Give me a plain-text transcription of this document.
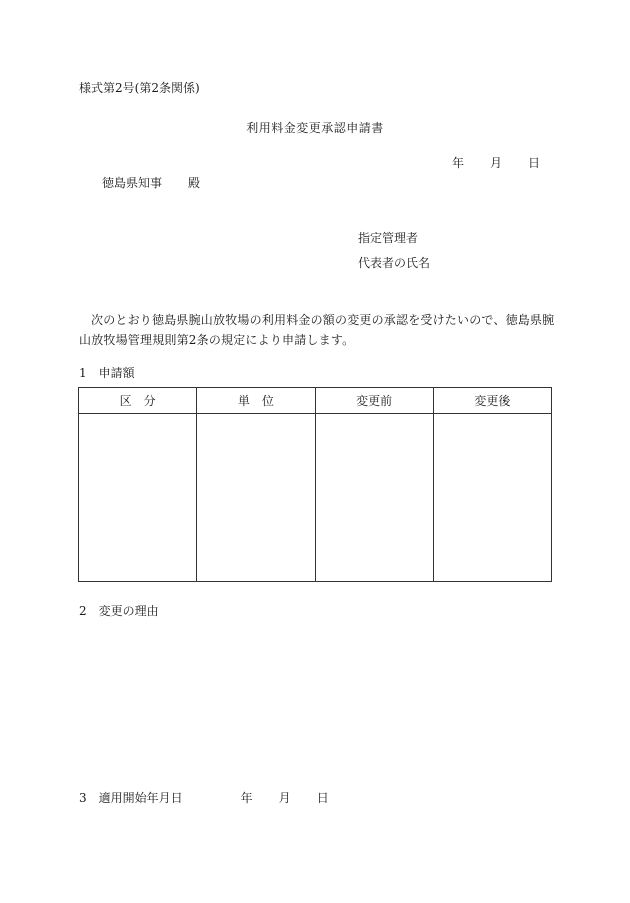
様式第2号(第2条関係)
利用料金変更承認申請書
年 月 日
徳島県知事 殿
指定管理者
代表者の氏名
次のとおり徳島県腕山放牧場の利用料金の額の変更の承認を受けたいので、徳島県腕山放牧場管理規則第2条の規定により申請します。
1 申請額
区　分	単　位	変更前	変更後

2 変更の理由
3 適用開始年月日	年 月 日
